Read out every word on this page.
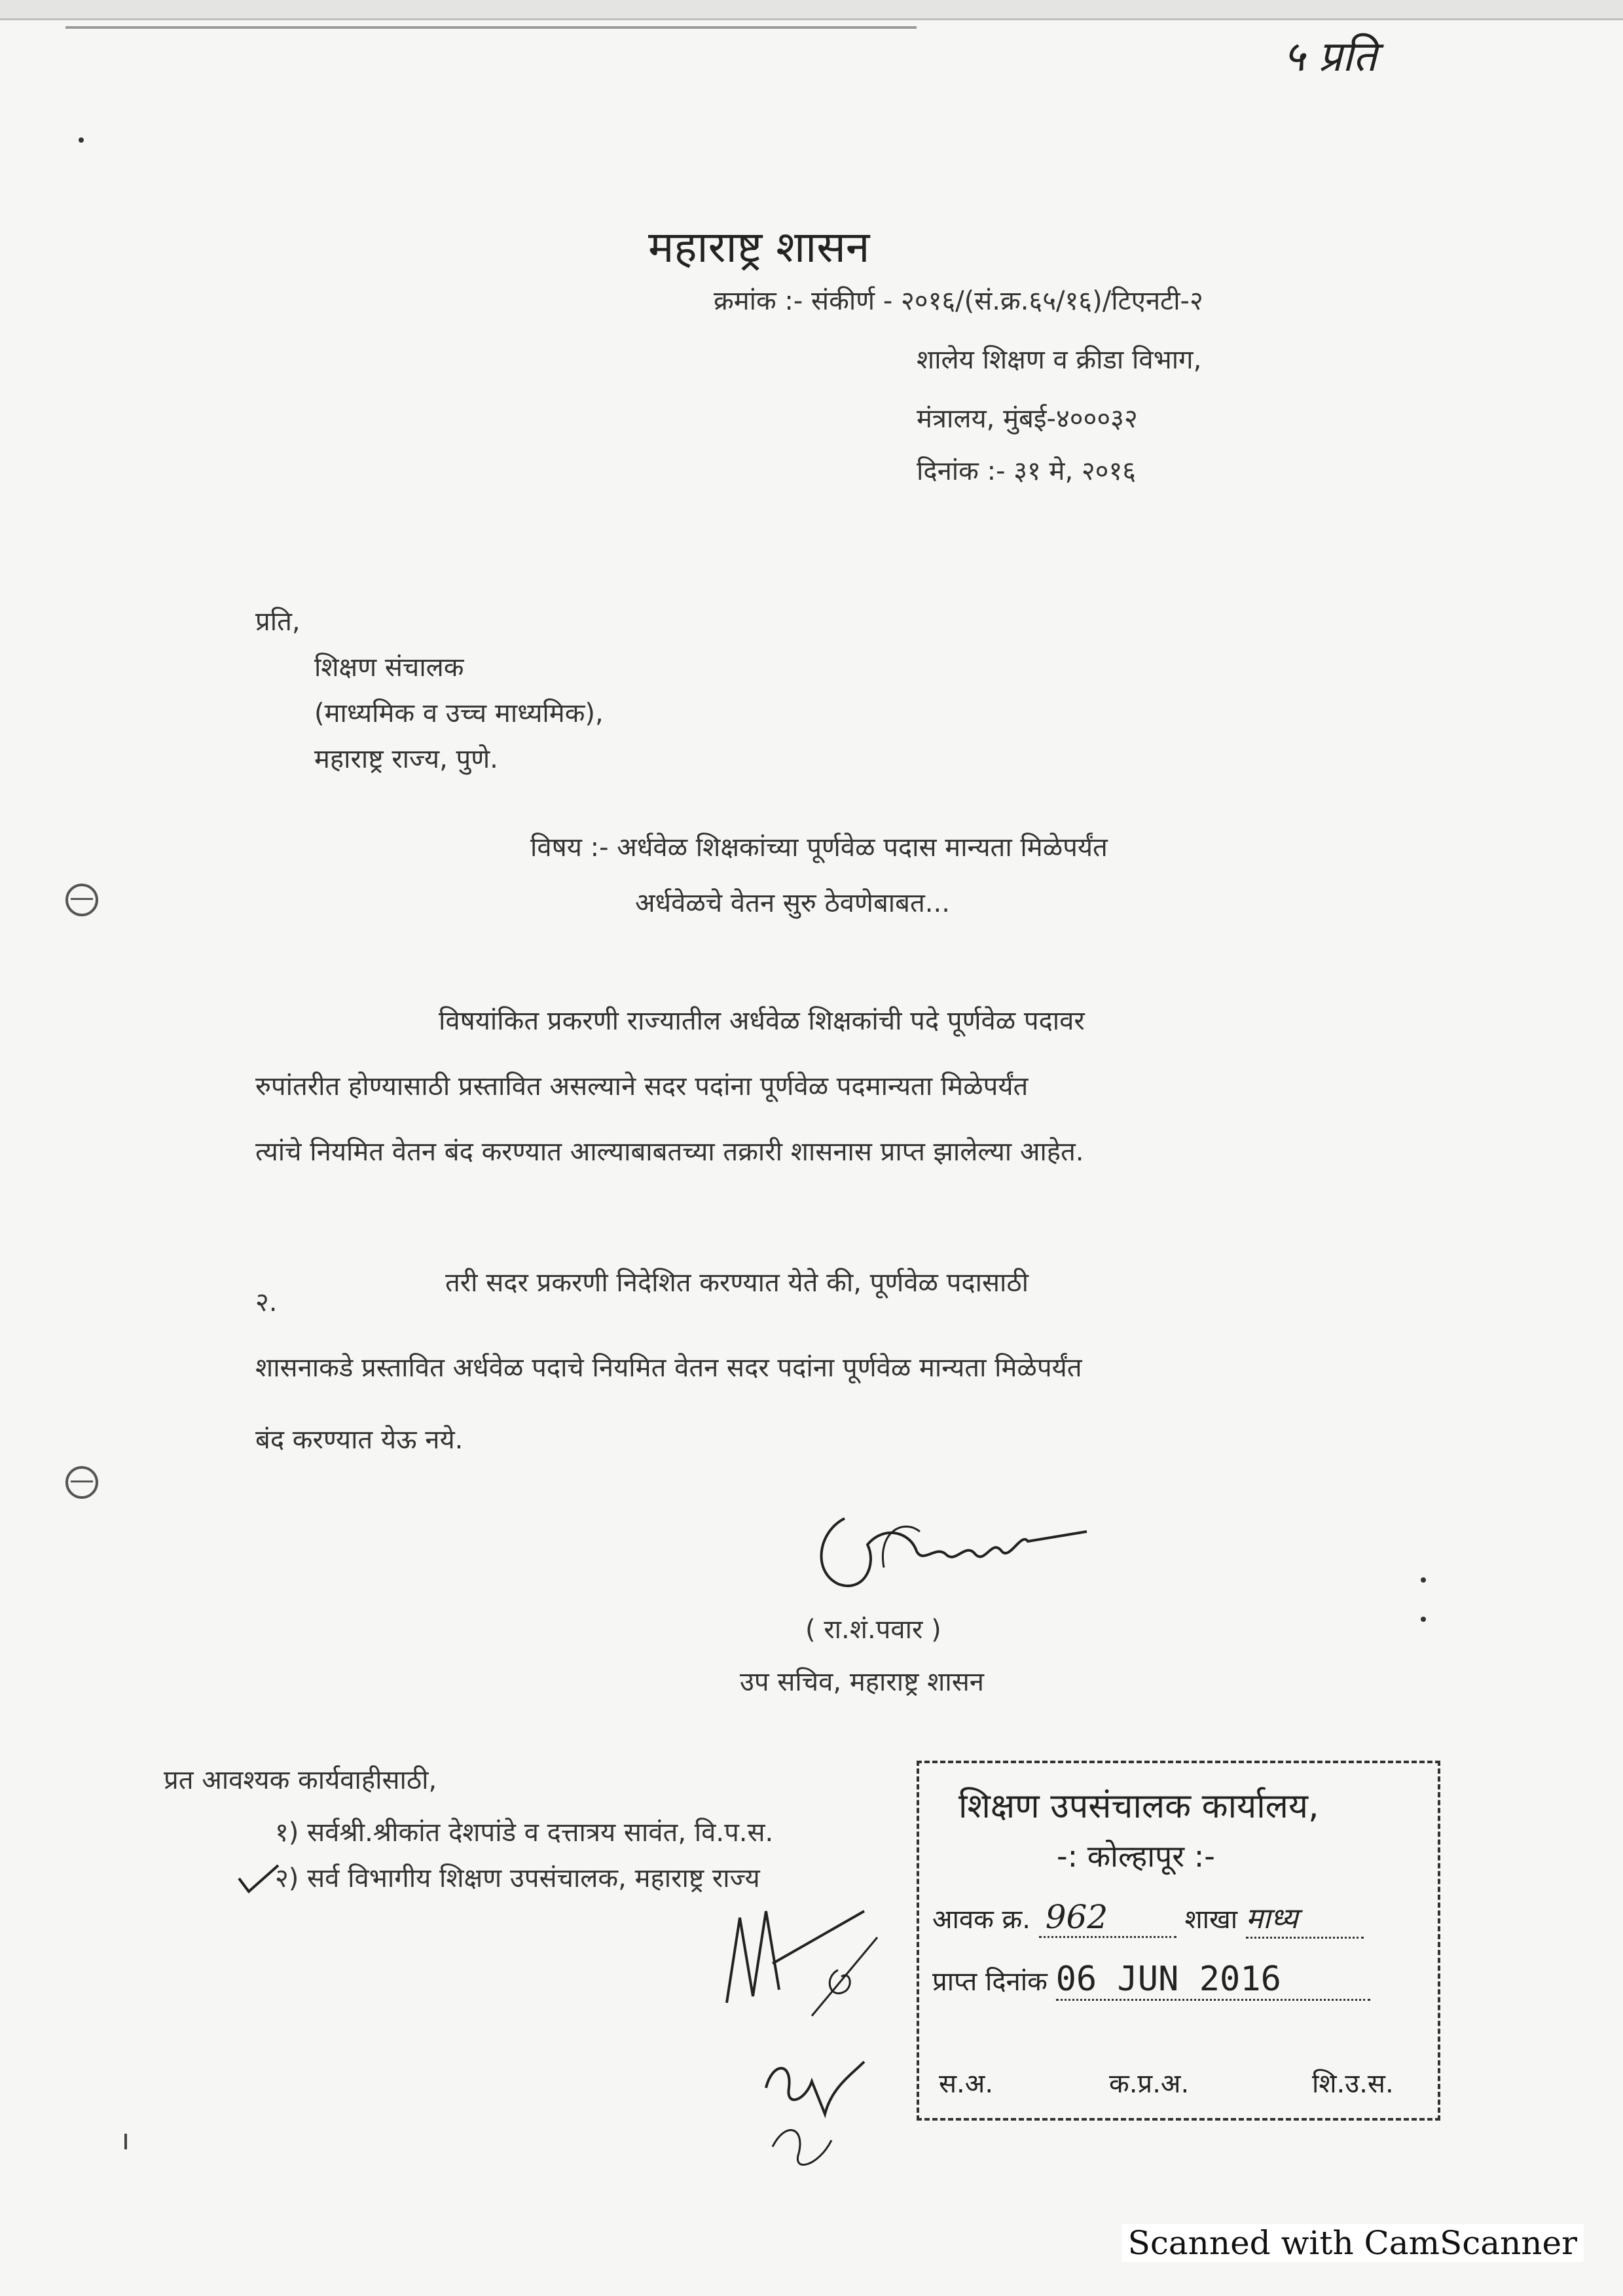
५ प्रति
महाराष्ट्र शासन
क्रमांक :- संकीर्ण - २०१६/(सं.क्र.६५/१६)/टिएनटी-२
शालेय शिक्षण व क्रीडा विभाग,
मंत्रालय, मुंबई-४०००३२
दिनांक :- ३१ मे, २०१६
प्रति,
शिक्षण संचालक
(माध्यमिक व उच्च माध्यमिक),
महाराष्ट्र राज्य, पुणे.
विषय :- अर्धवेळ शिक्षकांच्या पूर्णवेळ पदास मान्यता मिळेपर्यंत
अर्धवेळचे वेतन सुरु ठेवणेबाबत...
विषयांकित प्रकरणी राज्यातील अर्धवेळ शिक्षकांची पदे पूर्णवेळ पदावर
रुपांतरीत होण्यासाठी प्रस्तावित असल्याने सदर पदांना पूर्णवेळ पदमान्यता मिळेपर्यंत
त्यांचे नियमित वेतन बंद करण्यात आल्याबाबतच्या तक्रारी शासनास प्राप्त झालेल्या आहेत.
२.
तरी सदर प्रकरणी निदेशित करण्यात येते की, पूर्णवेळ पदासाठी
शासनाकडे प्रस्तावित अर्धवेळ पदाचे नियमित वेतन सदर पदांना पूर्णवेळ मान्यता मिळेपर्यंत
बंद करण्यात येऊ नये.
( रा.शं.पवार )
उप सचिव, महाराष्ट्र शासन
प्रत आवश्यक कार्यवाहीसाठी,
१) सर्वश्री.श्रीकांत देशपांडे व दत्तात्रय सावंत, वि.प.स.
२) सर्व विभागीय शिक्षण उपसंचालक, महाराष्ट्र राज्य
शिक्षण उपसंचालक कार्यालय,
-: कोल्हापूर :-
आवक क्र. 962	शाखा माध्य
प्राप्त दिनांक 06 JUN 2016
स.अ.	क.प्र.अ.	शि.उ.स.
Scanned with CamScanner
